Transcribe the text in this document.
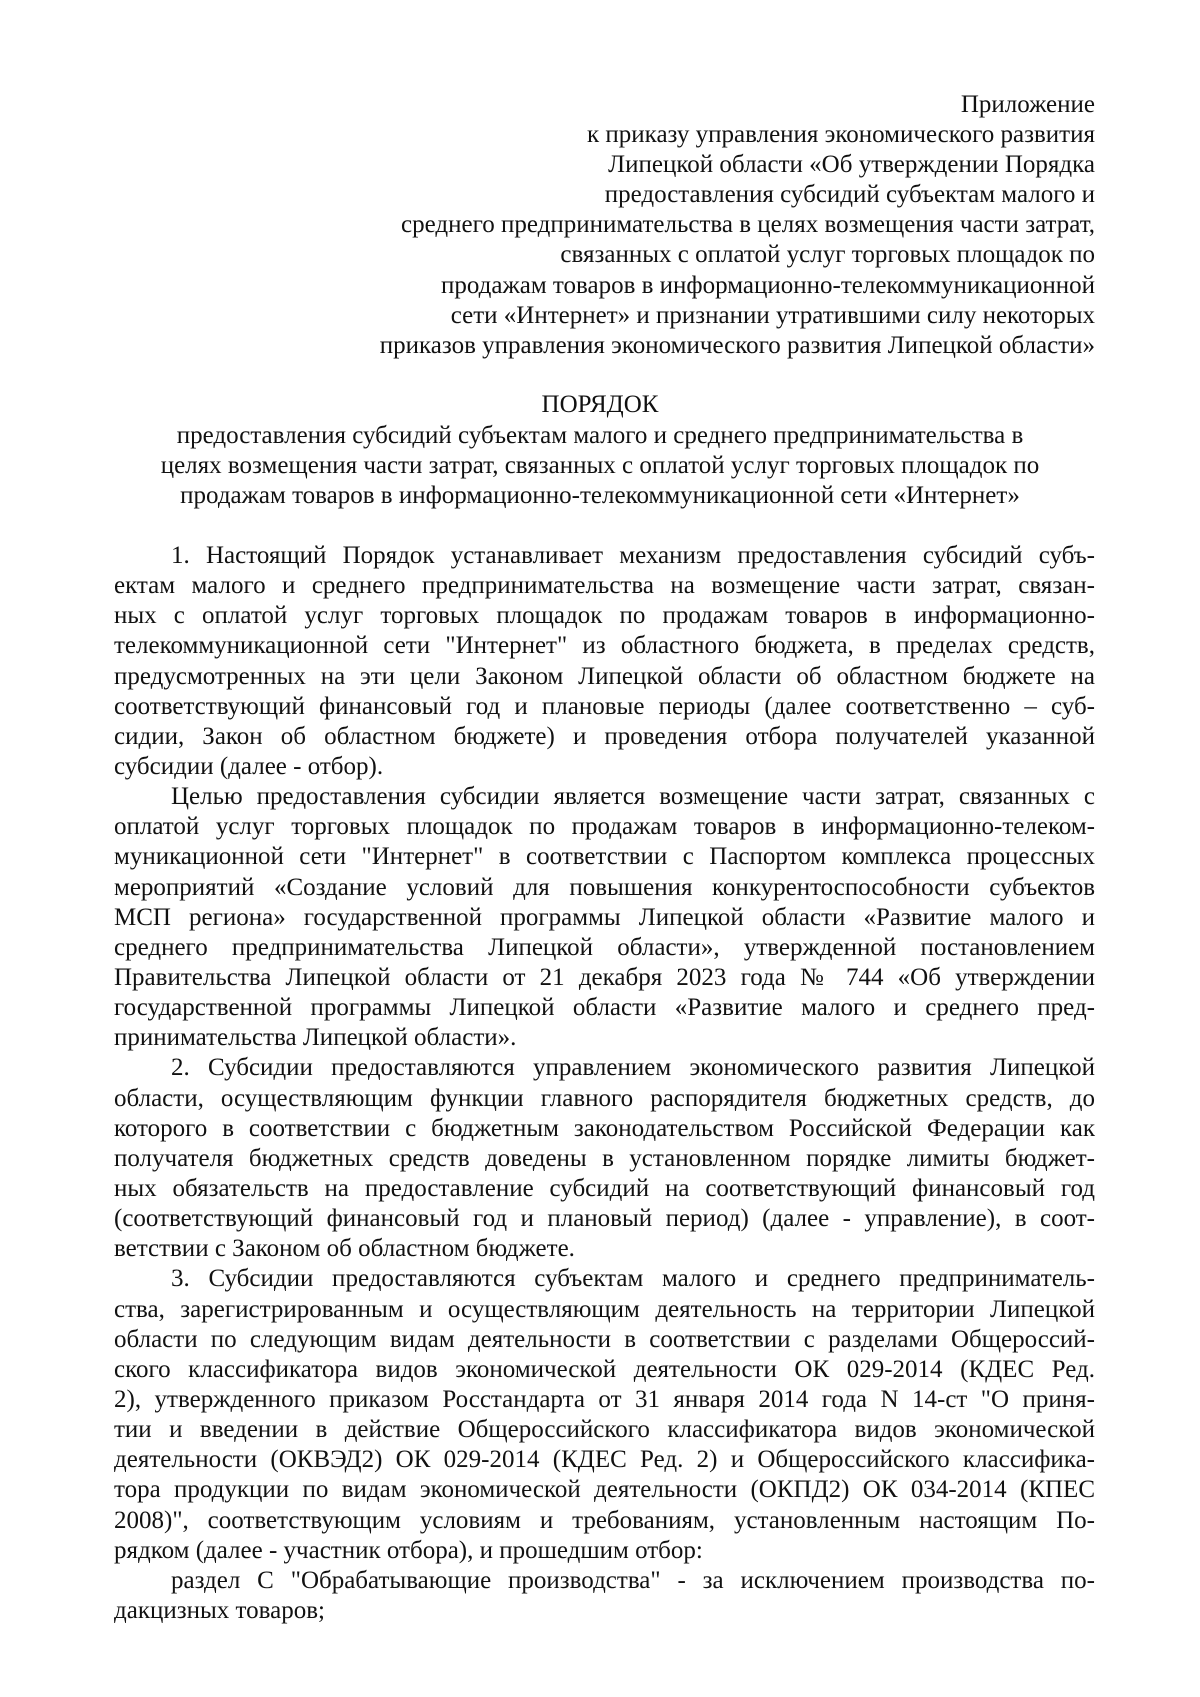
Приложение
к приказу управления экономического развития
Липецкой области «Об утверждении Порядка
предоставления субсидий субъектам малого и
среднего предпринимательства в целях возмещения части затрат,
связанных с оплатой услуг торговых площадок по
продажам товаров в информационно-телекоммуникационной
сети «Интернет» и признании утратившими силу некоторых
приказов управления экономического развития Липецкой области»
ПОРЯДОК
предоставления субсидий субъектам малого и среднего предпринимательства в
целях возмещения части затрат, связанных с оплатой услуг торговых площадок по
продажам товаров в информационно-телекоммуникационной сети «Интернет»

1. Настоящий Порядок устанавливает механизм предоставления субсидий субъ-
ектам малого и среднего предпринимательства на возмещение части затрат, связан-
ных с оплатой услуг торговых площадок по продажам товаров в информационно-
телекоммуникационной сети "Интернет" из областного бюджета, в пределах средств,
предусмотренных на эти цели Законом Липецкой области об областном бюджете на
соответствующий финансовый год и плановые периоды (далее соответственно – суб-
сидии, Закон об областном бюджете) и проведения отбора получателей указанной
субсидии (далее - отбор).

Целью предоставления субсидии является возмещение части затрат, связанных с
оплатой услуг торговых площадок по продажам товаров в информационно-телеком-
муникационной сети "Интернет" в соответствии с Паспортом комплекса процессных
мероприятий «Создание условий для повышения конкурентоспособности субъектов
МСП региона» государственной программы Липецкой области «Развитие малого и
среднего предпринимательства Липецкой области», утвержденной постановлением
Правительства Липецкой области от 21 декабря 2023 года № 744 «Об утверждении
государственной программы Липецкой области «Развитие малого и среднего пред-
принимательства Липецкой области».

2. Субсидии предоставляются управлением экономического развития Липецкой
области, осуществляющим функции главного распорядителя бюджетных средств, до
которого в соответствии с бюджетным законодательством Российской Федерации как
получателя бюджетных средств доведены в установленном порядке лимиты бюджет-
ных обязательств на предоставление субсидий на соответствующий финансовый год
(соответствующий финансовый год и плановый период) (далее - управление), в соот-
ветствии с Законом об областном бюджете.

3. Субсидии предоставляются субъектам малого и среднего предприниматель-
ства, зарегистрированным и осуществляющим деятельность на территории Липецкой
области по следующим видам деятельности в соответствии с разделами Общероссий-
ского классификатора видов экономической деятельности ОК 029-2014 (КДЕС Ред.
2), утвержденного приказом Росстандарта от 31 января 2014 года N 14-ст "О приня-
тии и введении в действие Общероссийского классификатора видов экономической
деятельности (ОКВЭД2) ОК 029-2014 (КДЕС Ред. 2) и Общероссийского классифика-
тора продукции по видам экономической деятельности (ОКПД2) ОК 034-2014 (КПЕС
2008)", соответствующим условиям и требованиям, установленным настоящим По-
рядком (далее - участник отбора), и прошедшим отбор:

раздел C "Обрабатывающие производства" - за исключением производства по-
дакцизных товаров;
